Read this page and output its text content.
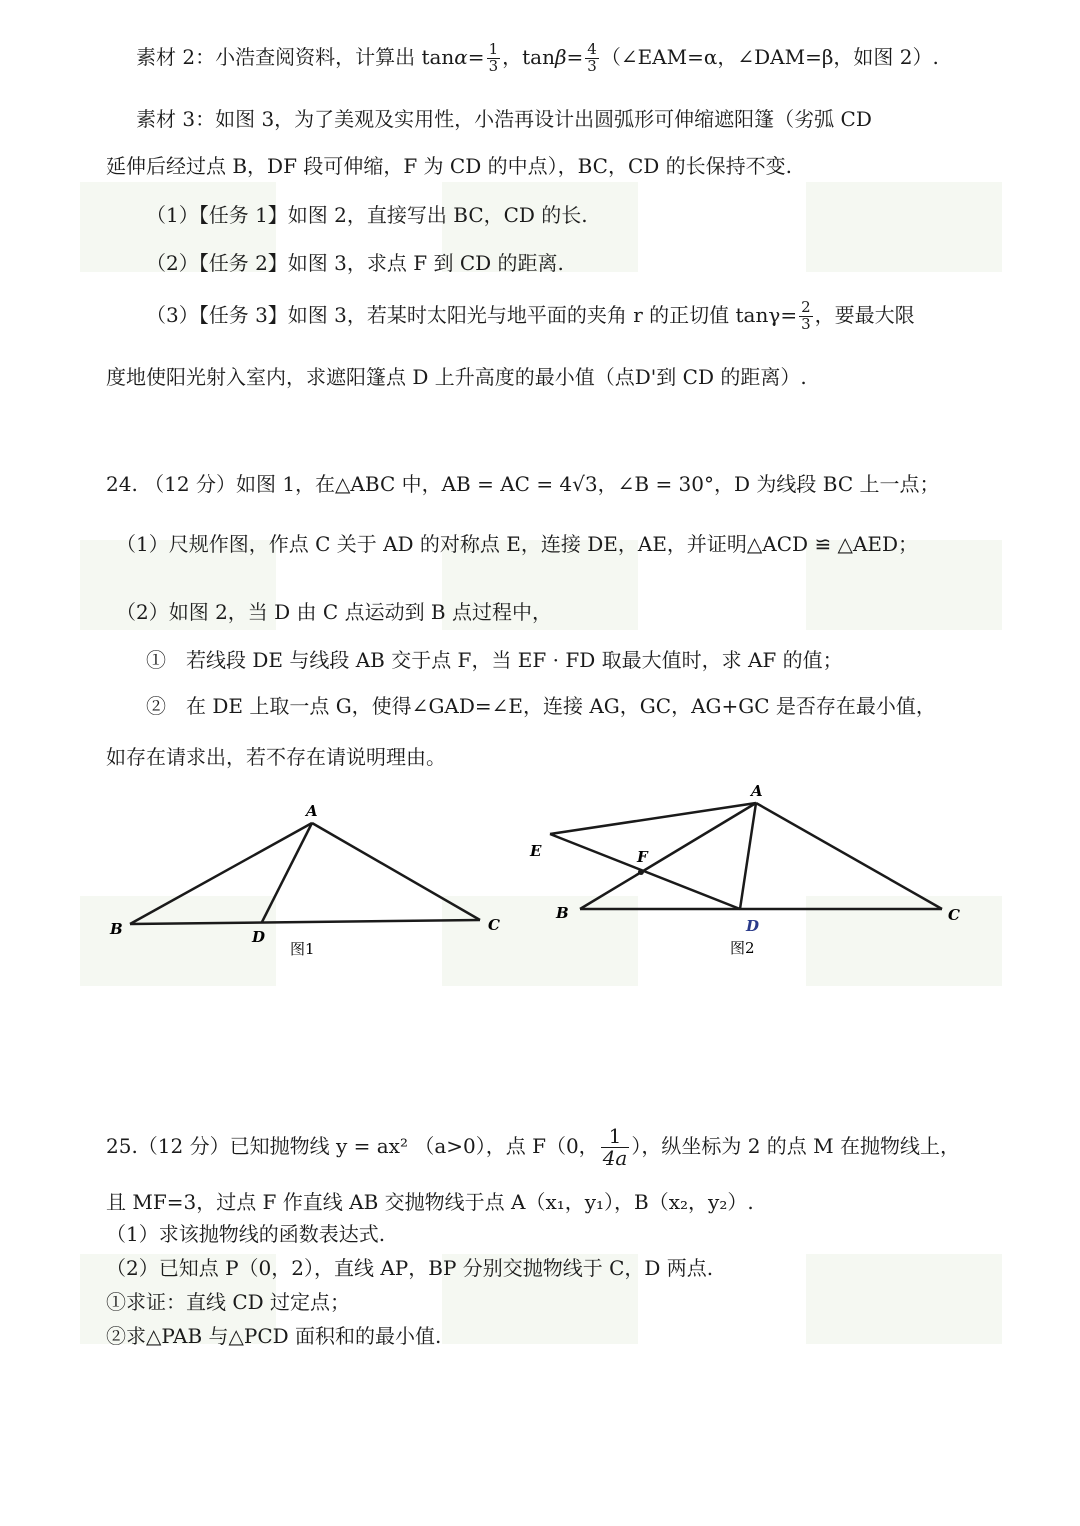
素材 2：小浩查阅资料，计算出 $\tan\alpha= \frac{1}{3}$ ，$\tan\beta= \frac{4}{3}$ （∠EAM=α，∠DAM=β，如图 2）.
素材 3：如图 3，为了美观及实用性，小浩再设计出圆弧形可伸缩遮阳篷（劣弧 CD
延伸后经过点 B，DF 段可伸缩，F 为 CD 的中点），BC，CD 的长保持不变.
（1）【任务 1】如图 2，直接写出 BC，CD 的长.
（2）【任务 2】如图 3，求点 F 到 CD 的距离.
（3）【任务 3】如图 3，若某时太阳光与地平面的夹角 r 的正切值 $\tan\gamma= \frac{2}{3}$ ，要最大限
度地使阳光射入室内，求遮阳篷点 D 上升高度的最小值（点D'到 CD 的距离）.
24. （12 分）如图 1，在△ABC 中，AB = AC = 4√3，∠B = 30°，D 为线段 BC 上一点；
（1）尺规作图，作点 C 关于 AD 的对称点 E，连接 DE，AE，并证明△ACD ≌ △AED；
（2）如图 2，当 D 由 C 点运动到 B 点过程中，
①　若线段 DE 与线段 AB 交于点 F，当 EF · FD 取最大值时，求 AF 的值；
②　在 DE 上取一点 G，使得∠GAD=∠E，连接 AG，GC，AG+GC 是否存在最小值，
如存在请求出，若不存在请说明理由。
A
B	C
D
图1
A
E	F
B	C
D
图2
25.（12 分）已知抛物线 y = ax² （a>0），点 F（0， $\frac{1}{4a}$ ），纵坐标为 2 的点 M 在抛物线上，
且 MF=3，过点 F 作直线 AB 交抛物线于点 A（x₁，y₁），B（x₂，y₂）.
（1）求该抛物线的函数表达式.
（2）已知点 P（0，2），直线 AP，BP 分别交抛物线于 C，D 两点.
①求证：直线 CD 过定点；
②求△PAB 与△PCD 面积和的最小值.
